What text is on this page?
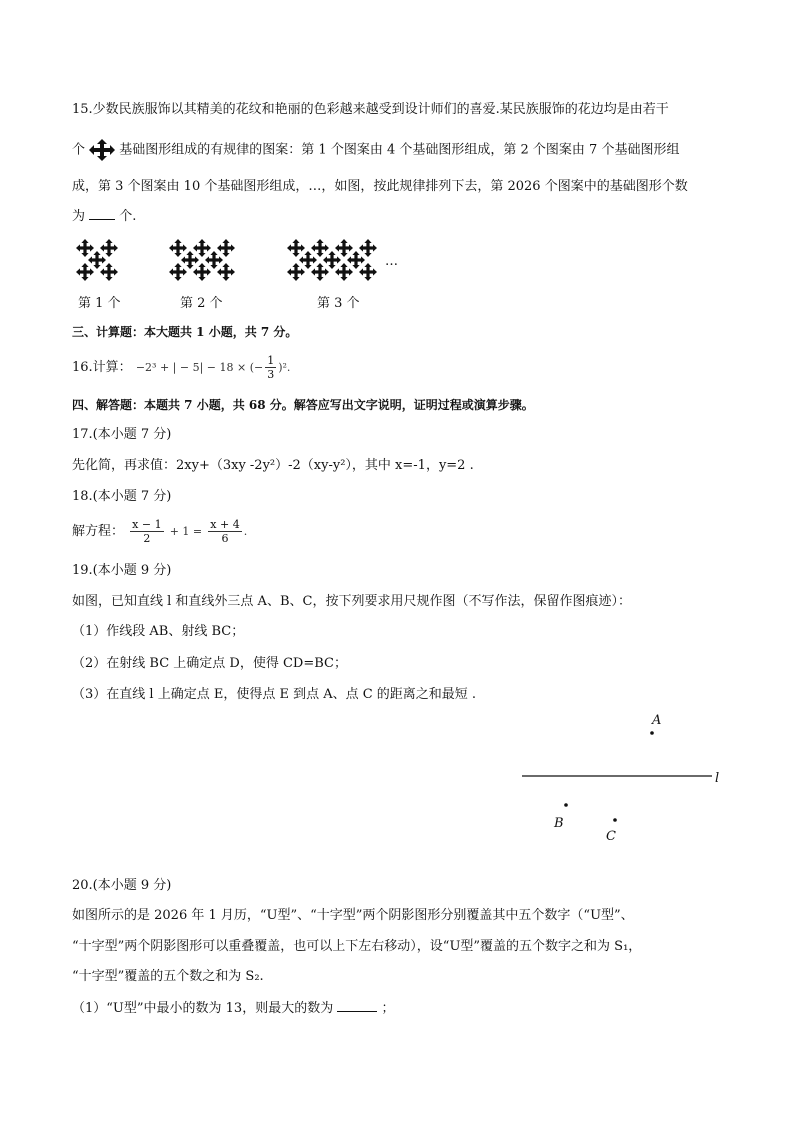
15.少数民族服饰以其精美的花纹和艳丽的色彩越来越受到设计师们的喜爱.某民族服饰的花边均是由若干
个	基础图形组成的有规律的图案：第 1 个图案由 4 个基础图形组成，第 2 个图案由 7 个基础图形组
成，第 3 个图案由 10 个基础图形组成，…，如图，按此规律排列下去，第 2026 个图案中的基础图形个数
为	个.
…
第 1 个	第 2 个	第 3 个
三、计算题：本大题共 1 小题，共 7 分。
16.计算： −2³ + | − 5| − 18 × (− $\frac{1}{3} )^2$.
四、解答题：本题共 7 小题，共 68 分。解答应写出文字说明，证明过程或演算步骤。
17.(本小题 7 分)
先化简，再求值：2xy+（3xy -2y²）-2（xy-y²），其中 x=-1，y=2 .
18.(本小题 7 分)
解方程： $\frac{x - 1}{2} + 1 = \frac{x + 4}{6}$ .
19.(本小题 9 分)
如图，已知直线 l 和直线外三点 A、B、C，按下列要求用尺规作图（不写作法，保留作图痕迹）：
（1）作线段 AB、射线 BC；
（2）在射线 BC 上确定点 D，使得 CD=BC；
（3）在直线 l 上确定点 E，使得点 E 到点 A、点 C 的距离之和最短 .
l
A
B
C
20.(本小题 9 分)
如图所示的是 2026 年 1 月历，“U型”、“十字型”两个阴影图形分别覆盖其中五个数字（“U型”、
“十字型”两个阴影图形可以重叠覆盖，也可以上下左右移动），设“U型”覆盖的五个数字之和为 S₁，
“十字型”覆盖的五个数之和为 S₂.
（1）“U型”中最小的数为 13，则最大的数为	；
